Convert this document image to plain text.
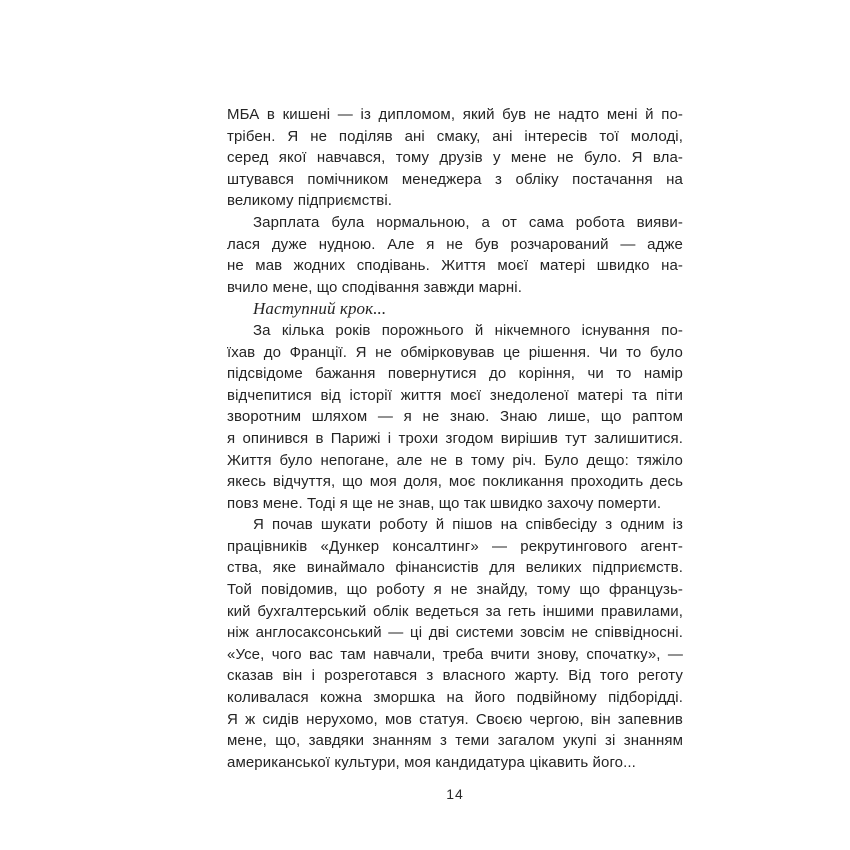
МБА в кишені — із дипломом, який був не надто мені й по-
трібен. Я не поділяв ані смаку, ані інтересів тої молоді,
серед якої навчався, тому друзів у мене не було. Я вла-
штувався помічником менеджера з обліку постачання на
великому підприємстві.
Зарплата була нормальною, а от сама робота вияви-
лася дуже нудною. Але я не був розчарований — адже
не мав жодних сподівань. Життя моєї матері швидко на-
вчило мене, що сподівання завжди марні.
Наступний крок...
За кілька років порожнього й нікчемного існування по-
їхав до Франції. Я не обмірковував це рішення. Чи то було
підсвідоме бажання повернутися до коріння, чи то намір
відчепитися від історії життя моєї знедоленої матері та піти
зворотним шляхом — я не знаю. Знаю лише, що раптом
я опинився в Парижі і трохи згодом вирішив тут залишитися.
Життя було непогане, але не в тому річ. Було дещо: тяжіло
якесь відчуття, що моя доля, моє покликання проходить десь
повз мене. Тоді я ще не знав, що так швидко захочу померти.
Я почав шукати роботу й пішов на співбесіду з одним із
працівників «Дункер консалтинг» — рекрутингового агент-
ства, яке винаймало фінансистів для великих підприємств.
Той повідомив, що роботу я не знайду, тому що французь-
кий бухгалтерський облік ведеться за геть іншими правилами,
ніж англосаксонський — ці дві системи зовсім не співвідносні.
«Усе, чого вас там навчали, треба вчити знову, спочатку», —
сказав він і розреготався з власного жарту. Від того реготу
коливалася кожна зморшка на його подвійному підборідді.
Я ж сидів нерухомо, мов статуя. Своєю чергою, він запевнив
мене, що, завдяки знанням з теми загалом укупі зі знанням
американської культури, моя кандидатура цікавить його...
14
